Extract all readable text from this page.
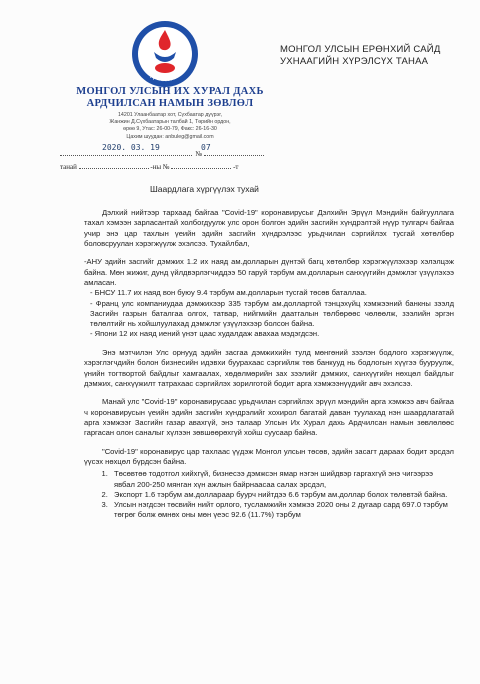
АРДЧИЛСАН НАМ
МОНГОЛ УЛСЫН ИХ ХУРАЛ ДАХЬ
АРДЧИЛСАН НАМЫН ЗӨВЛӨЛ
14201 Улаанбаатар хот, Сүхбаатар дүүрэг,
Жанжин Д.Сүхбаатарын талбай 1, Төрийн ордон,
өрөө 9, Утас: 26-00-79, Факс: 26-16-30
Цахим шуудан: anbuleg@gmail.com
МОНГОЛ УЛСЫН ЕРӨНХИЙ САЙД
УХНААГИЙН ХҮРЭЛСҮХ ТАНАА
№
2020. 03. 19	07
танай	-ны №	-т
Шаардлага хүргүүлэх тухай

Дэлхий нийтээр тархаад байгаа "Covid-19" коронавирусыг Дэлхийн Эрүүл Мэндийн байгууллага тахал хэмээн зарласантай холбогдуулж улс орон болгон эдийн засгийн хүндрэлтэй нүүр тулгарч байгаа учир энэ цар тахлын үеийн эдийн засгийн хүндрэлээс урьдчилан сэргийлэх тусгай хөтөлбөр боловсруулан хэрэгжүүлж эхэлсээ. Тухайлбал,

-АНУ эдийн засгийг дэмжих 1.2 их наяд ам.долларын дүнтэй багц хөтөлбөр хэрэгжүүлэхээр хэлэлцэж байна. Мөн жижиг, дунд үйлдвэрлэгчиддээ 50 гаруй тэрбум ам.долларын санхүүгийн дэмжлэг үзүүлэхээ амласан.

- БНСУ 11.7 их наяд вон буюу 9.4 тэрбум ам.долларын тусгай төсөв баталлаа.

- Франц улс компаниудаа дэмжихээр 335 тэрбум ам.доллартой тэнцэхүйц хэмжээний банкны зээлд Засгийн газрын баталгаа олгох, татвар, нийгмийн даатгалын төлбөрөөс чөлөөлж, зээлийн эргэн төлөлтийг нь хойшлуулахад дэмжлэг үзүүлэхээр болсон байна.

- Япони 12 их наяд иений үнэт цаас худалдаж авахаа мэдэгдсэн.

Энэ мэтчилэн Улс орнууд эдийн засгаа дэмжихийн тулд мөнгөний зээлэн бодлого хэрэгжүүлж, хэрэглэгчдийн болон бизнесийн идэвхи буурахаас сэргийлж төв банкууд нь бодлогын хүүгээ бууруулж, үнийн тогтвортой байдлыг хамгаалах, хөдөлмөрийн зах зээлийг дэмжих, санхүүгийн нөхцөл байдлыг дэмжих, санхүүжилт татрахаас сэргийлэх зорилготой бодит арга хэмжээнүүдийг авч эхэлсээ.

Манай улс "Covid-19" коронавирусаас урьдчилан сэргийлэх эрүүл мэндийн арга хэмжээ авч байгаа ч коронавирусын үеийн эдийн засгийн хүндрэлийг хохирол багатай даван туулахад нэн шаардлагатай арга хэмжээг Засгийн газар авахгүй, энэ талаар Улсын Их Хурал дахь Ардчилсан намын зөвлөлөөс гаргасан олон саналыг хүлээн зөвшөөрөхгүй хойш суусаар байна.

"Covid-19" коронавирус цар тахлаас үүдэж Монгол улсын төсөв, эдийн засагт дараах бодит эрсдэл үүсэх нөхцөл бүрдсэн байна.

1. Төсөвтөө тодотгол хийхгүй, бизнесээ дэмжсэн ямар нэгэн шийдвэр гаргахгүй энэ чигээрээ явбал 200-250 мянган хүн ажлын байрнаасаа салах эрсдэл,
2. Экспорт 1.6 тэрбум ам.доллараар буурч нийтдээ 6.6 тэрбум ам.доллар болох төлөвтэй байна.
3. Улсын нэгдсэн төсвийн нийт орлого, тусламжийн хэмжээ 2020 оны 2 дугаар сард 697.0 тэрбум төгрөг болж өмнөх оны мөн үеэс 92.6 (11.7%) тэрбум
